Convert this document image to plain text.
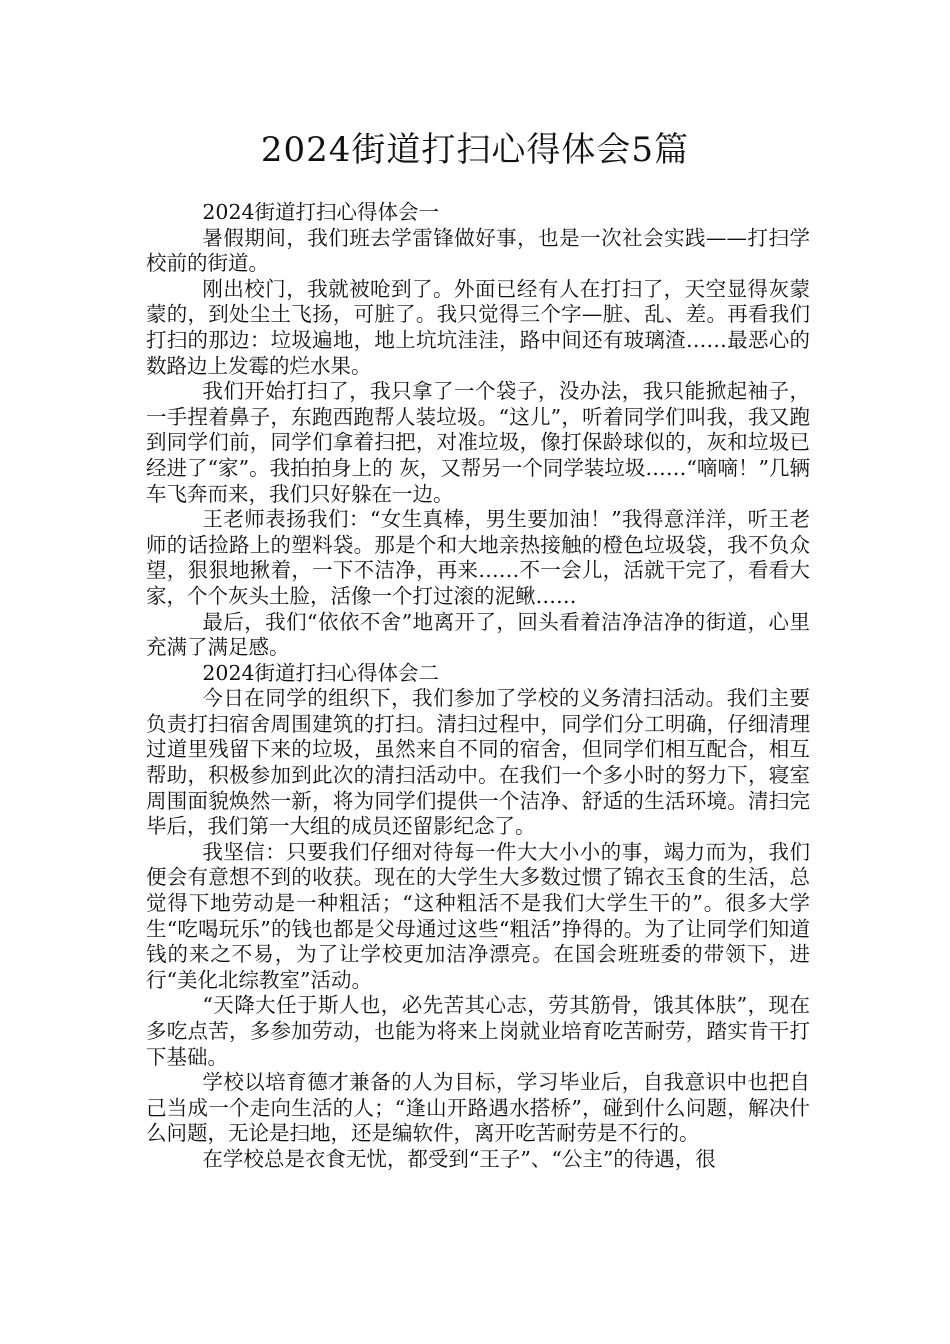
2024街道打扫心得体会5篇

2024街道打扫心得体会一

暑假期间，我们班去学雷锋做好事，也是一次社会实践——打扫学校前的街道。

刚出校门，我就被呛到了。外面已经有人在打扫了，天空显得灰蒙蒙的，到处尘土飞扬，可脏了。我只觉得三个字—脏、乱、差。再看我们打扫的那边：垃圾遍地，地上坑坑洼洼，路中间还有玻璃渣……最恶心的数路边上发霉的烂水果。

我们开始打扫了，我只拿了一个袋子，没办法，我只能掀起袖子，一手捏着鼻子，东跑西跑帮人装垃圾。“这儿”，听着同学们叫我，我又跑到同学们前，同学们拿着扫把，对准垃圾，像打保龄球似的，灰和垃圾已经进了“家”。我拍拍身上的 灰，又帮另一个同学装垃圾……“嘀嘀！”几辆车飞奔而来，我们只好躲在一边。

王老师表扬我们：“女生真棒，男生要加油！”我得意洋洋，听王老师的话捡路上的塑料袋。那是个和大地亲热接触的橙色垃圾袋，我不负众望，狠狠地揪着，一下不洁净，再来……不一会儿，活就干完了，看看大家，个个灰头土脸，活像一个打过滚的泥鳅……

最后，我们“依依不舍”地离开了，回头看着洁净洁净的街道，心里充满了满足感。

2024街道打扫心得体会二

今日在同学的组织下，我们参加了学校的义务清扫活动。我们主要负责打扫宿舍周围建筑的打扫。清扫过程中，同学们分工明确，仔细清理过道里残留下来的垃圾，虽然来自不同的宿舍，但同学们相互配合，相互帮助，积极参加到此次的清扫活动中。在我们一个多小时的努力下，寝室周围面貌焕然一新，将为同学们提供一个洁净、舒适的生活环境。清扫完毕后，我们第一大组的成员还留影纪念了。

我坚信：只要我们仔细对待每一件大大小小的事，竭力而为，我们便会有意想不到的收获。现在的大学生大多数过惯了锦衣玉食的生活，总觉得下地劳动是一种粗活；“这种粗活不是我们大学生干的”。很多大学生“吃喝玩乐”的钱也都是父母通过这些“粗活”挣得的。为了让同学们知道钱的来之不易，为了让学校更加洁净漂亮。在国会班班委的带领下，进行“美化北综教室”活动。

“天降大任于斯人也，必先苦其心志，劳其筋骨，饿其体肤”，现在多吃点苦，多参加劳动，也能为将来上岗就业培育吃苦耐劳，踏实肯干打下基础。

学校以培育德才兼备的人为目标，学习毕业后，自我意识中也把自己当成一个走向生活的人；“逢山开路遇水搭桥”，碰到什么问题，解决什么问题，无论是扫地，还是编软件，离开吃苦耐劳是不行的。

在学校总是衣食无忧，都受到“王子”、“公主”的待遇，很
